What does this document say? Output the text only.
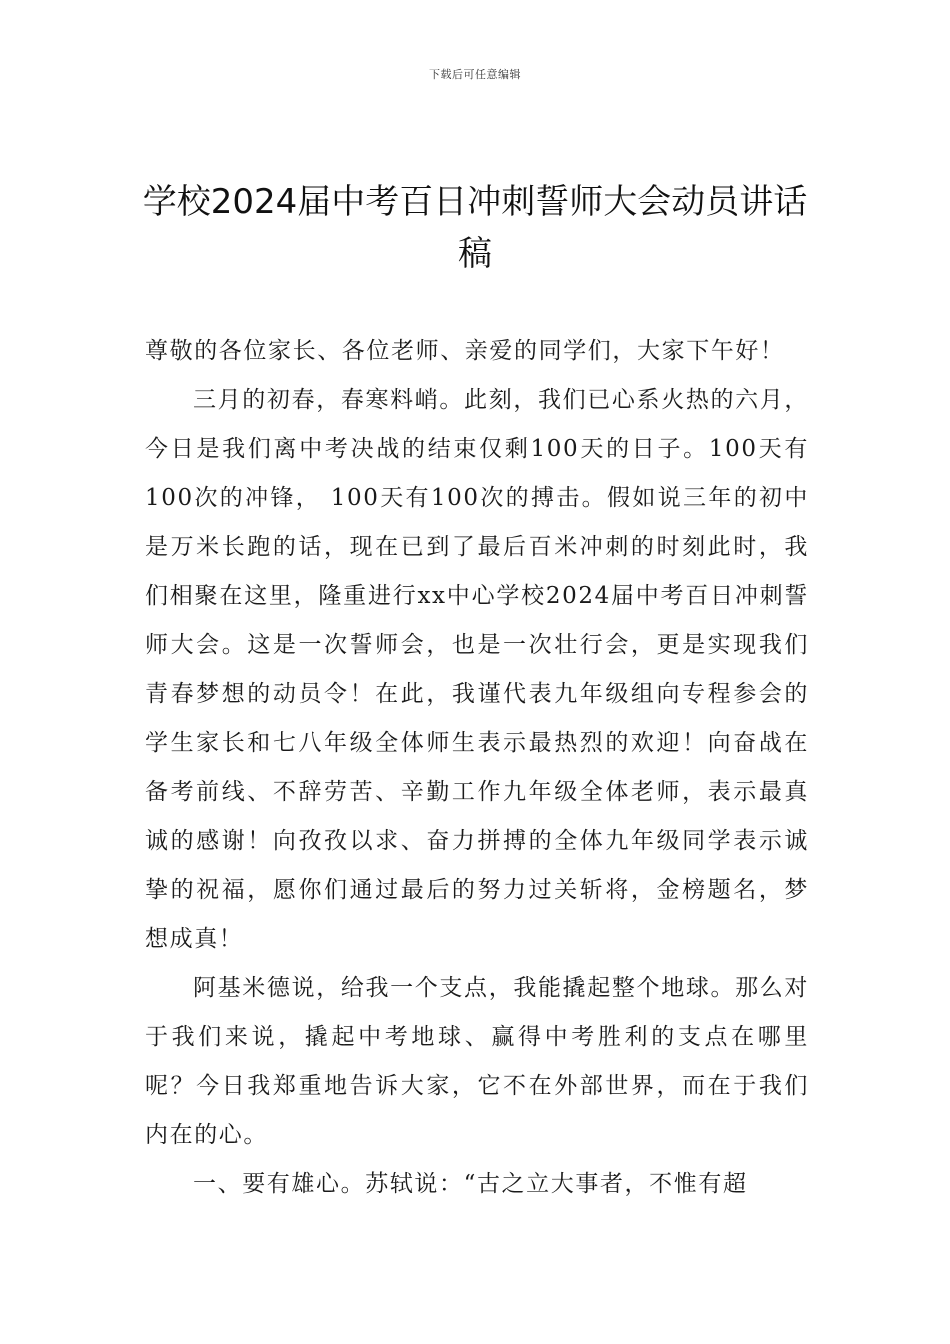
下载后可任意编辑
学校2024届中考百日冲刺誓师大会动员讲话稿

尊敬的各位家长、各位老师、亲爱的同学们，大家下午好！

三月的初春，春寒料峭。此刻，我们已心系火热的六月，今日是我们离中考决战的结束仅剩100天的日子。100天有100次的冲锋， 100天有100次的搏击。假如说三年的初中是万米长跑的话，现在已到了最后百米冲刺的时刻此时，我们相聚在这里，隆重进行xx中心学校2024届中考百日冲刺誓师大会。这是一次誓师会，也是一次壮行会，更是实现我们青春梦想的动员令！在此，我谨代表九年级组向专程参会的学生家长和七八年级全体师生表示最热烈的欢迎！向奋战在备考前线、不辞劳苦、辛勤工作九年级全体老师，表示最真诚的感谢！向孜孜以求、奋力拼搏的全体九年级同学表示诚挚的祝福，愿你们通过最后的努力过关斩将，金榜题名，梦想成真！

阿基米德说，给我一个支点，我能撬起整个地球。那么对于我们来说，撬起中考地球、赢得中考胜利的支点在哪里呢？今日我郑重地告诉大家，它不在外部世界，而在于我们内在的心。

一、要有雄心。苏轼说：“古之立大事者，不惟有超
